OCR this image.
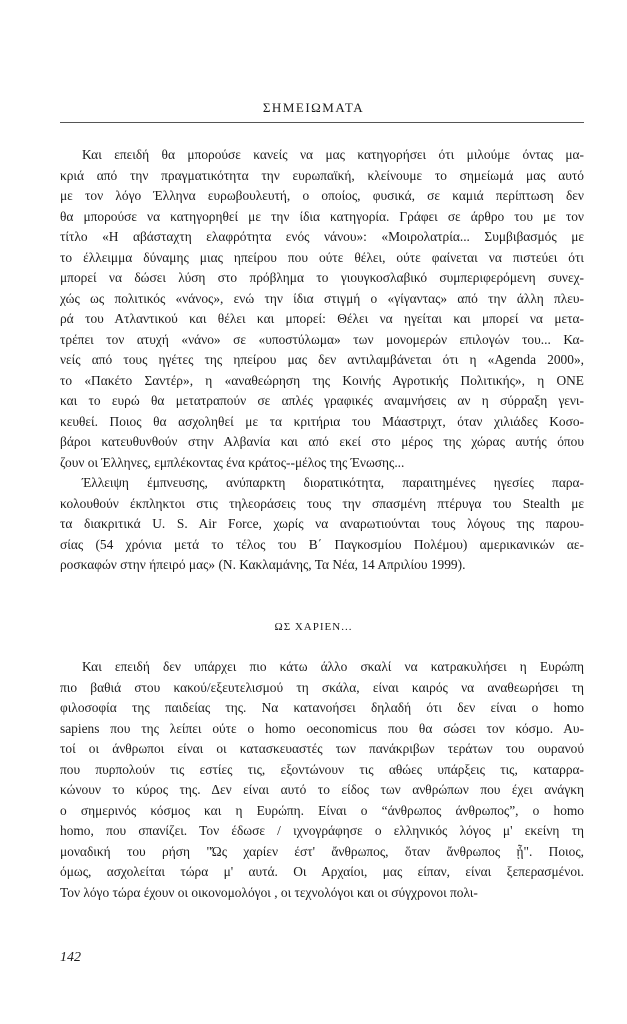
ΣΗΜΕΙΩΜΑΤΑ
Και επειδή θα μπορούσε κανείς να μας κατηγορήσει ότι μιλούμε όντας μα-
κριά από την πραγματικότητα την ευρωπαϊκή, κλείνουμε το σημείωμά μας αυτό
με τον λόγο Έλληνα ευρωβουλευτή, ο οποίος, φυσικά, σε καμιά περίπτωση δεν
θα μπορούσε να κατηγορηθεί με την ίδια κατηγορία. Γράφει σε άρθρο του με τον
τίτλο «Η αβάσταχτη ελαφρότητα ενός νάνου»: «Μοιρολατρία... Συμβιβασμός με
το έλλειμμα δύναμης μιας ηπείρου που ούτε θέλει, ούτε φαίνεται να πιστεύει ότι
μπορεί να δώσει λύση στο πρόβλημα το γιουγκοσλαβικό συμπεριφερόμενη συνεχ-
χώς ως πολιτικός «νάνος», ενώ την ίδια στιγμή ο «γίγαντας» από την άλλη πλευ-
ρά του Ατλαντικού και θέλει και μπορεί: Θέλει να ηγείται και μπορεί να μετα-
τρέπει τον ατυχή «νάνο» σε «υποστύλωμα» των μονομερών επιλογών του... Κα-
νείς από τους ηγέτες της ηπείρου μας δεν αντιλαμβάνεται ότι η «Agenda 2000»,
το «Πακέτο Σαντέρ», η «αναθεώρηση της Κοινής Αγροτικής Πολιτικής», η ΟΝΕ
και το ευρώ θα μετατραπούν σε απλές γραφικές αναμνήσεις αν η σύρραξη γενι-
κευθεί. Ποιος θα ασχοληθεί με τα κριτήρια του Μάαστριχτ, όταν χιλιάδες Κοσο-
βάροι κατευθυνθούν στην Αλβανία και από εκεί στο μέρος της χώρας αυτής όπου
ζουν οι Έλληνες, εμπλέκοντας ένα κράτος--μέλος της Ένωσης...
Έλλειψη έμπνευσης, ανύπαρκτη διορατικότητα, παραιτημένες ηγεσίες παρα-
κολουθούν έκπληκτοι στις τηλεοράσεις τους την σπασμένη πτέρυγα του Stealth με
τα διακριτικά U. S. Air Force, χωρίς να αναρωτιούνται τους λόγους της παρου-
σίας (54 χρόνια μετά το τέλος του Β΄ Παγκοσμίου Πολέμου) αμερικανικών αε-
ροσκαφών στην ήπειρό μας» (Ν. Κακλαμάνης, Τα Νέα, 14 Απριλίου 1999).
ΩΣ ΧΑΡΙΕΝ...
Και επειδή δεν υπάρχει πιο κάτω άλλο σκαλί να κατρακυλήσει η Ευρώπη
πιο βαθιά στου κακού/εξευτελισμού τη σκάλα, είναι καιρός να αναθεωρήσει τη
φιλοσοφία της παιδείας της. Να κατανοήσει δηλαδή ότι δεν είναι ο homo
sapiens που της λείπει ούτε ο homo oeconomicus που θα σώσει τον κόσμο. Αυ-
τοί οι άνθρωποι είναι οι κατασκευαστές των πανάκριβων τεράτων του ουρανού
που πυρπολούν τις εστίες τις, εξοντώνουν τις αθώες υπάρξεις τις, καταρρα-
κώνουν το κύρος της. Δεν είναι αυτό το είδος των ανθρώπων που έχει ανάγκη
ο σημερινός κόσμος και η Ευρώπη. Είναι ο “άνθρωπος άνθρωπος”, ο homo
homo, που σπανίζει. Τον έδωσε / ιχνογράφησε ο ελληνικός λόγος μ' εκείνη τη
μοναδική του ρήση "Ώς χαρίεν έστ' ἄνθρωπος, ὅταν ἄνθρωπος ᾖ". Ποιος,
όμως, ασχολείται τώρα μ' αυτά. Οι Αρχαίοι, μας είπαν, είναι ξεπερασμένοι.
Τον λόγο τώρα έχουν οι οικονομολόγοι , οι τεχνολόγοι και οι σύγχρονοι πολι-
142
